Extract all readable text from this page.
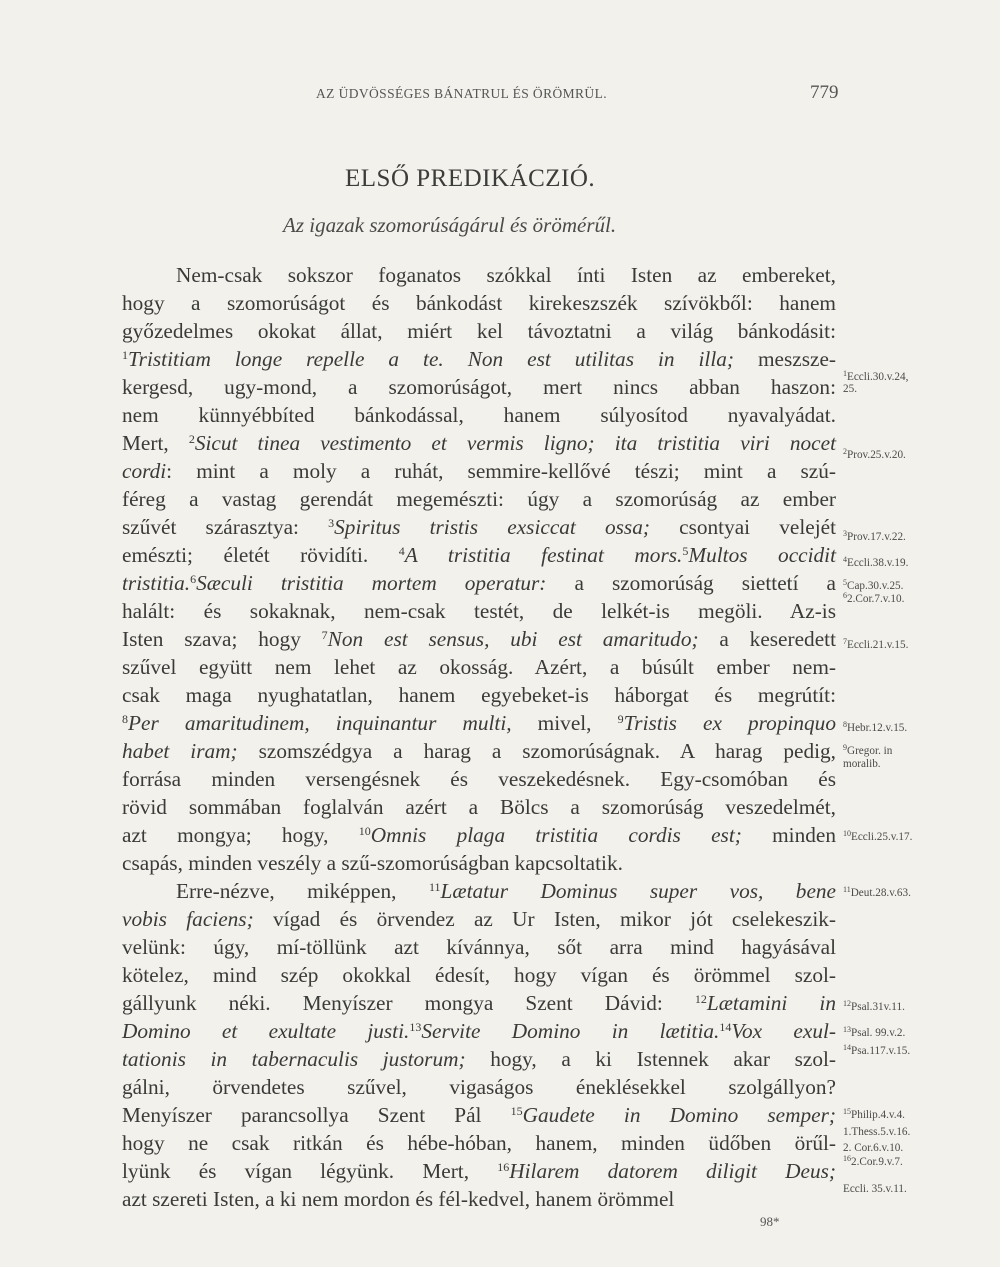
AZ ÜDVÖSSÉGES BÁNATRUL ÉS ÖRÖMRÜL.	779
ELSŐ PREDIKÁCZIÓ.
Az igazak szomorúságárul és örömérűl.
Nem-csak sokszor foganatos szókkal ínti Isten az embereket,
hogy a szomorúságot és bánkodást kirekeszszék szívökből: hanem
győzedelmes okokat állat, miért kel távoztatni a világ bánkodásit:
$^1$Tristitiam longe repelle a te. Non est utilitas in illa; meszsze-
kergesd, ugy-mond, a szomorúságot, mert nincs abban haszon:
nem künnyébbíted bánkodással, hanem súlyosítod nyavalyádat.
Mert, $^2$Sicut tinea vestimento et vermis ligno; ita tristitia viri nocet
cordi: mint a moly a ruhát, semmire-kellővé tészi; mint a szú-
féreg a vastag gerendát megemészti: úgy a szomorúság az ember
szűvét szárasztya: $^3$Spiritus tristis exsiccat ossa; csontyai velejét
emészti; életét rövidíti. $^4$A tristitia festinat mors.$^5$Multos occidit
tristitia.$^6$Sæculi tristitia mortem operatur: a szomorúság siettetí a
halált: és sokaknak, nem-csak testét, de lelkét-is megöli. Az-is
Isten szava; hogy $^7$Non est sensus, ubi est amaritudo; a keseredett
szűvel együtt nem lehet az okosság. Azért, a búsúlt ember nem-
csak maga nyughatatlan, hanem egyebeket-is háborgat és megrútít:
$^8$Per amaritudinem, inquinantur multi, mivel, $^9$Tristis ex propinquo
habet iram; szomszédgya a harag a szomorúságnak. A harag pedig,
forrása minden versengésnek és veszekedésnek. Egy-csomóban és
rövid sommában foglalván azért a Bölcs a szomorúság veszedelmét,
azt mongya; hogy, $^{10}$Omnis plaga tristitia cordis est; minden
csapás, minden veszély a szű-szomorúságban kapcsoltatik.
Erre-nézve, miképpen, $^{11}$Lætatur Dominus super vos, bene
vobis faciens; vígad és örvendez az Ur Isten, mikor jót cselekeszik-
velünk: úgy, mí-töllünk azt kívánnya, sőt arra mind hagyásával
kötelez, mind szép okokkal édesít, hogy vígan és örömmel szol-
gállyunk néki. Menyíszer mongya Szent Dávid: $^{12}$Lætamini in
Domino et exultate justi.$^{13}$Servite Domino in lætitia.$^{14}$Vox exul-
tationis in tabernaculis justorum; hogy, a ki Istennek akar szol-
gálni, örvendetes szűvel, vigaságos éneklésekkel szolgállyon?
Menyíszer parancsollya Szent Pál $^{15}$Gaudete in Domino semper;
hogy ne csak ritkán és hébe-hóban, hanem, minden üdőben örűl-
lyünk és vígan légyünk. Mert, $^{16}$Hilarem datorem diligit Deus;
azt szereti Isten, a ki nem mordon és fél-kedvel, hanem örömmel
$^1$Eccli.30.v.24,
25.
$^2$Prov.25.v.20.
$^3$Prov.17.v.22.
$^4$Eccli.38.v.19.
$^5$Cap.30.v.25.
$^6$2.Cor.7.v.10.
$^7$Eccli.21.v.15.
$^8$Hebr.12.v.15.
$^9$Gregor. in
moralib.
$^{10}$Eccli.25.v.17.
$^{11}$Deut.28.v.63.
$^{12}$Psal.31v.11.
$^{13}$Psal. 99.v.2.
$^{14}$Psa.117.v.15.
$^{15}$Philip.4.v.4.
1.Thess.5.v.16.
2. Cor.6.v.10.
$^{16}$2.Cor.9.v.7.
Eccli. 35.v.11.
98*
